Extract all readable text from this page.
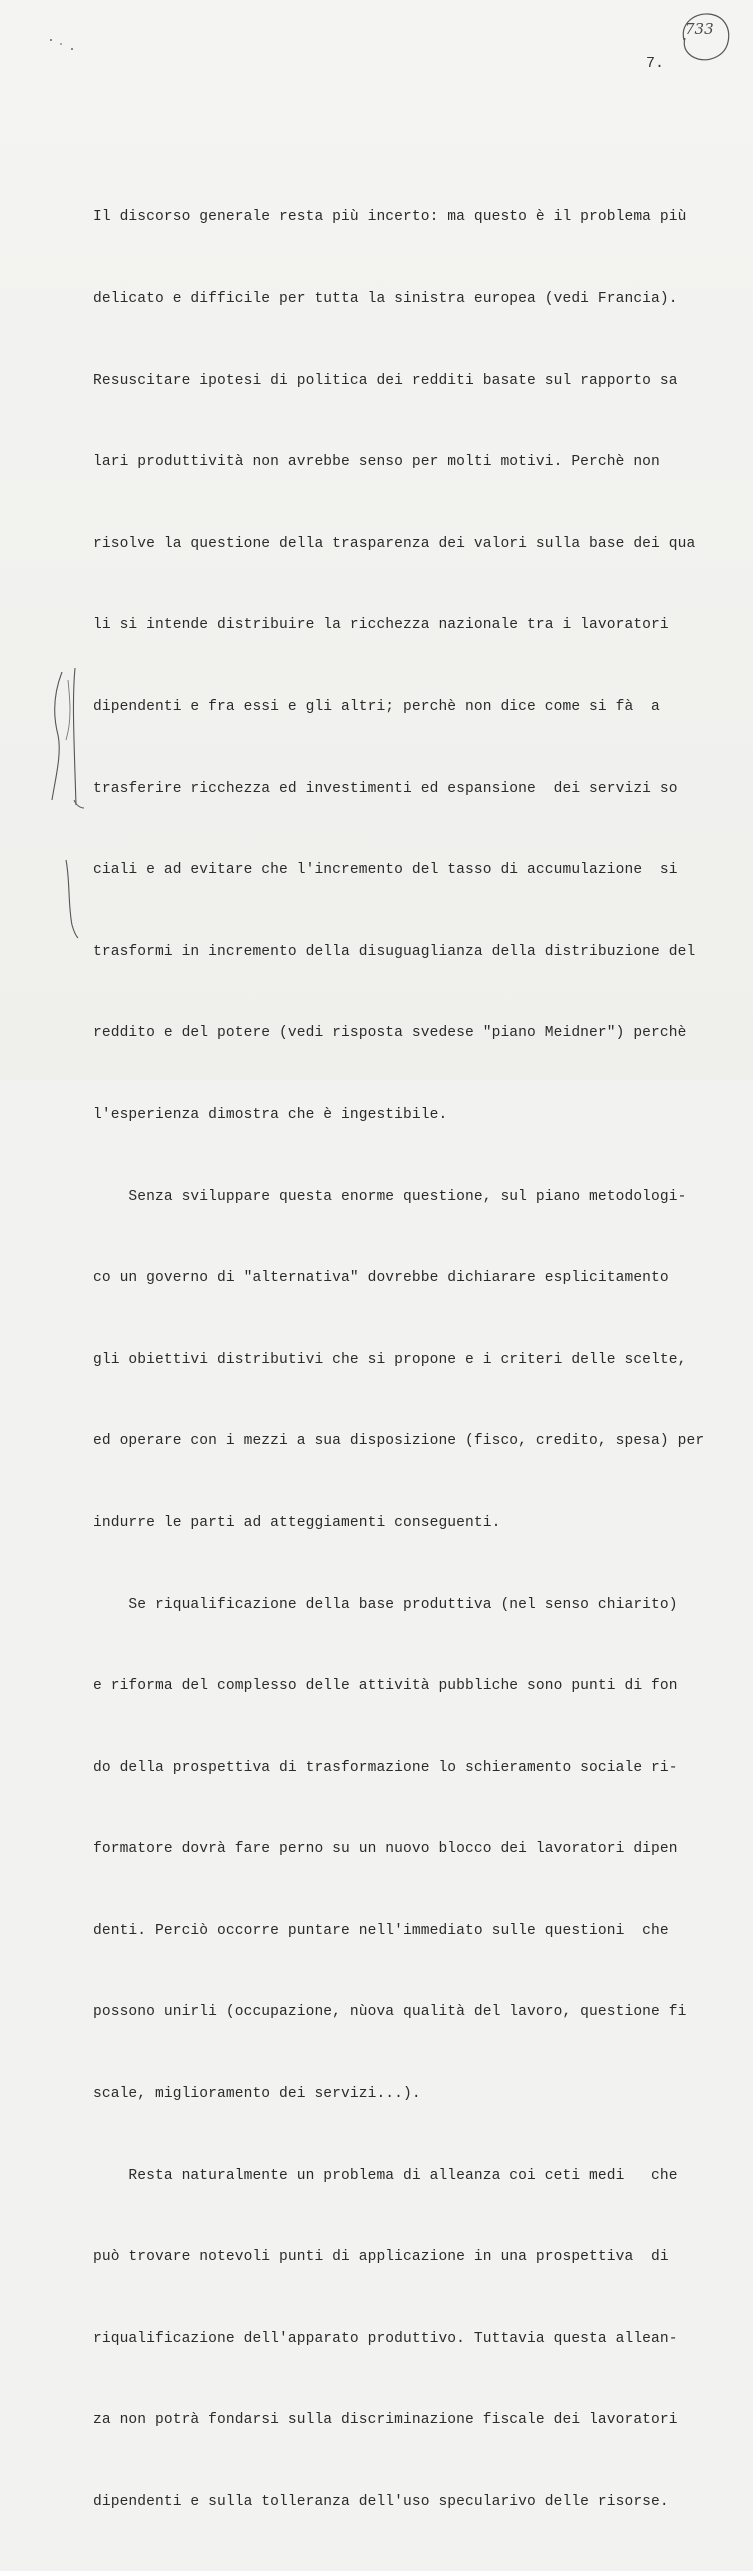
733
7.

Il discorso generale resta più incerto: ma questo è il problema più

delicato e difficile per tutta la sinistra europea (vedi Francia).

Resuscitare ipotesi di politica dei redditi basate sul rapporto sa

lari produttività non avrebbe senso per molti motivi. Perchè non

risolve la questione della trasparenza dei valori sulla base dei qua

li si intende distribuire la ricchezza nazionale tra i lavoratori

dipendenti e fra essi e gli altri; perchè non dice come si fà  a

trasferire ricchezza ed investimenti ed espansione  dei servizi so

ciali e ad evitare che l'incremento del tasso di accumulazione  si

trasformi in incremento della disuguaglianza della distribuzione del

reddito e del potere (vedi risposta svedese "piano Meidner") perchè

l'esperienza dimostra che è ingestibile.

Senza sviluppare questa enorme questione, sul piano metodologi-

co un governo di "alternativa" dovrebbe dichiarare esplicitamento

gli obiettivi distributivi che si propone e i criteri delle scelte,

ed operare con i mezzi a sua disposizione (fisco, credito, spesa) per

indurre le parti ad atteggiamenti conseguenti.

Se riqualificazione della base produttiva (nel senso chiarito)

e riforma del complesso delle attività pubbliche sono punti di fon

do della prospettiva di trasformazione lo schieramento sociale ri-

formatore dovrà fare perno su un nuovo blocco dei lavoratori dipen

denti. Perciò occorre puntare nell'immediato sulle questioni  che

possono unirli (occupazione, nùova qualità del lavoro, questione fi

scale, miglioramento dei servizi...).

Resta naturalmente un problema di alleanza coi ceti medi   che

può trovare notevoli punti di applicazione in una prospettiva  di

riqualificazione dell'apparato produttivo. Tuttavia questa allean-

za non potrà fondarsi sulla discriminazione fiscale dei lavoratori

dipendenti e sulla tolleranza dell'uso specularivo delle risorse.
